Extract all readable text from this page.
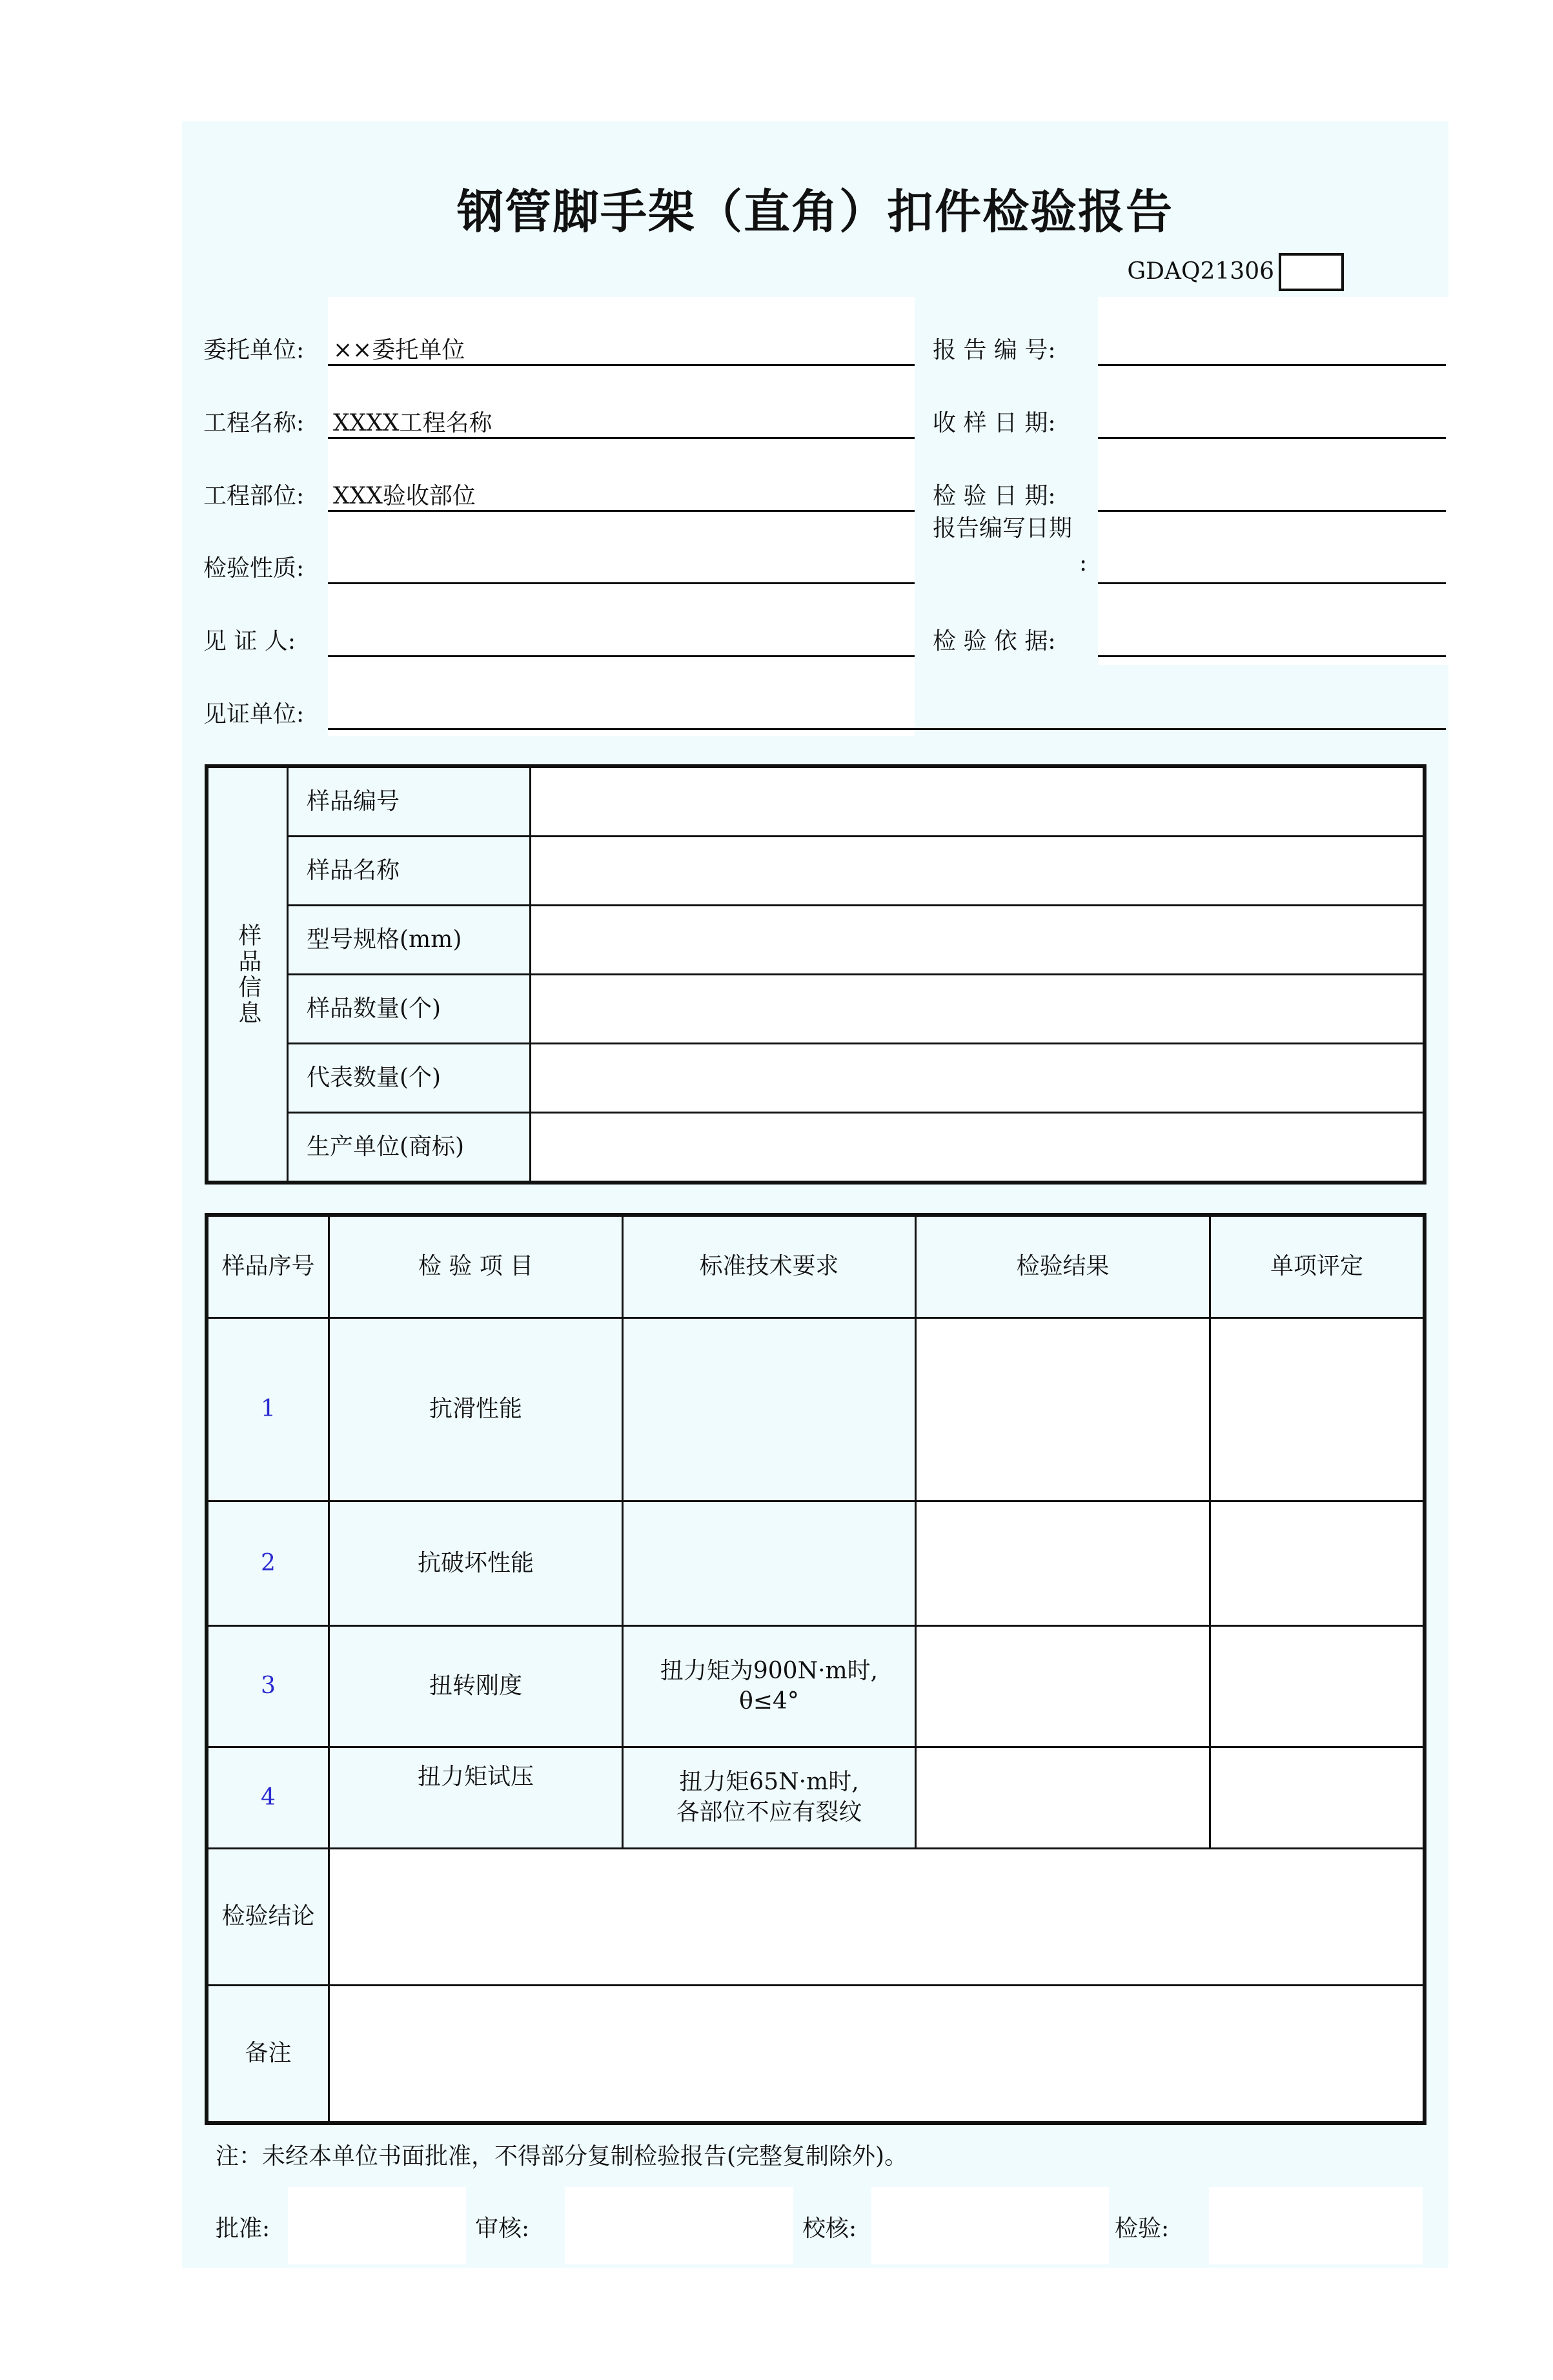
钢管脚手架（直角）扣件检验报告
GDAQ21306
委托单位: ××委托单位
工程名称: XXXX工程名称
工程部位: XXX验收部位
检验性质:
见 证 人:
见证单位:
报 告 编 号:
收 样 日 期:
检 验 日 期:
报告编写日期
:
检 验 依 据:
样品信息	样品编号	
	样品名称	
	型号规格(mm)	
	样品数量(个)	
	代表数量(个)	
	生产单位(商标)	
样品序号	检 验 项 目	标准技术要求	检验结果	单项评定
1	抗滑性能			
2	抗破坏性能			
3	扭转刚度	扭力矩为900N·m时,
θ≤4°		
4	扭力矩试压	扭力矩65N·m时,
各部位不应有裂纹		
检验结论				
备注				
注：未经本单位书面批准，不得部分复制检验报告(完整复制除外)。
批准:	审核:	校核:	检验:
